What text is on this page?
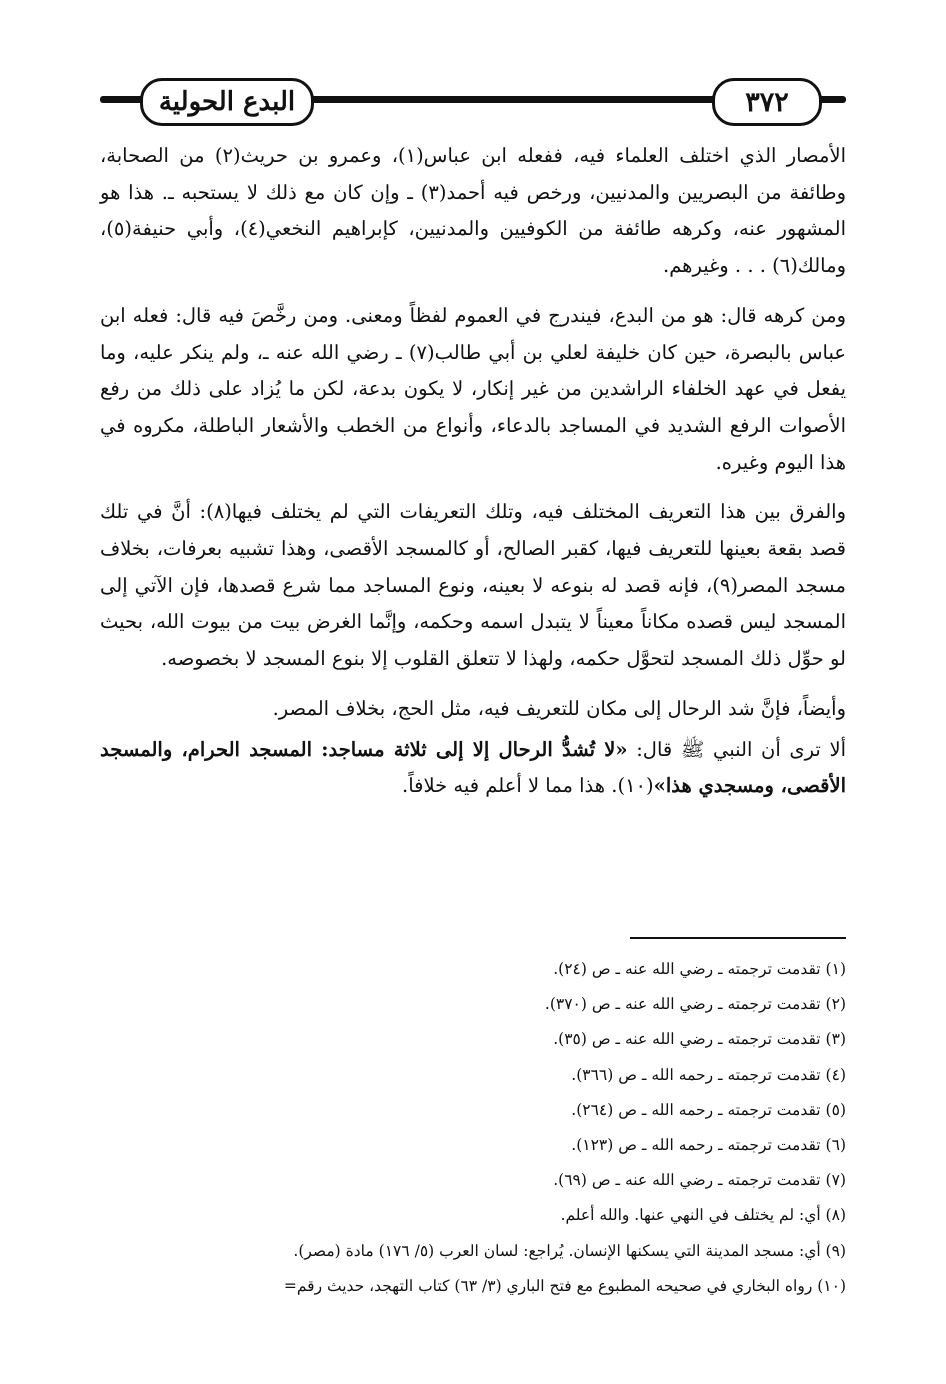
البدع الحولية	٣٧٢

الأمصار الذي اختلف العلماء فيه، ففعله ابن عباس(١)، وعمرو بن حريث(٢) من الصحابة، وطائفة من البصريين والمدنيين، ورخص فيه أحمد(٣) ـ وإن كان مع ذلك لا يستحبه ـ. هذا هو المشهور عنه، وكرهه طائفة من الكوفيين والمدنيين، كإبراهيم النخعي(٤)، وأبي حنيفة(٥)، ومالك(٦) . . . وغيرهم.

ومن كرهه قال: هو من البدع، فيندرج في العموم لفظاً ومعنى. ومن رخَّصَ فيه قال: فعله ابن عباس بالبصرة، حين كان خليفة لعلي بن أبي طالب(٧) ـ رضي الله عنه ـ، ولم ينكر عليه، وما يفعل في عهد الخلفاء الراشدين من غير إنكار، لا يكون بدعة، لكن ما يُزاد على ذلك من رفع الأصوات الرفع الشديد في المساجد بالدعاء، وأنواع من الخطب والأشعار الباطلة، مكروه في هذا اليوم وغيره.

والفرق بين هذا التعريف المختلف فيه، وتلك التعريفات التي لم يختلف فيها(٨): أنَّ في تلك قصد بقعة بعينها للتعريف فيها، كقبر الصالح، أو كالمسجد الأقصى، وهذا تشبيه بعرفات، بخلاف مسجد المصر(٩)، فإنه قصد له بنوعه لا بعينه، ونوع المساجد مما شرع قصدها، فإن الآتي إلى المسجد ليس قصده مكاناً معيناً لا يتبدل اسمه وحكمه، وإنَّما الغرض بيت من بيوت الله، بحيث لو حوِّل ذلك المسجد لتحوَّل حكمه، ولهذا لا تتعلق القلوب إلا بنوع المسجد لا بخصوصه.

وأيضاً، فإنَّ شد الرحال إلى مكان للتعريف فيه، مثل الحج، بخلاف المصر.

ألا ترى أن النبي ﷺ قال: «لا تُشدُّ الرحال إلا إلى ثلاثة مساجد: المسجد الحرام، والمسجد الأقصى، ومسجدي هذا»(١٠). هذا مما لا أعلم فيه خلافاً.

(١) تقدمت ترجمته ـ رضي الله عنه ـ ص (٢٤).
(٢) تقدمت ترجمته ـ رضي الله عنه ـ ص (٣٧٠).
(٣) تقدمت ترجمته ـ رضي الله عنه ـ ص (٣٥).
(٤) تقدمت ترجمته ـ رحمه الله ـ ص (٣٦٦).
(٥) تقدمت ترجمته ـ رحمه الله ـ ص (٢٦٤).
(٦) تقدمت ترجمته ـ رحمه الله ـ ص (١٢٣).
(٧) تقدمت ترجمته ـ رضي الله عنه ـ ص (٦٩).
(٨) أي: لم يختلف في النهي عنها. والله أعلم.
(٩) أي: مسجد المدينة التي يسكنها الإنسان. يُراجع: لسان العرب (٥/ ١٧٦) مادة (مصر).
(١٠) رواه البخاري في صحيحه المطبوع مع فتح الباري (٣/ ٦٣) كتاب التهجد، حديث رقم=
